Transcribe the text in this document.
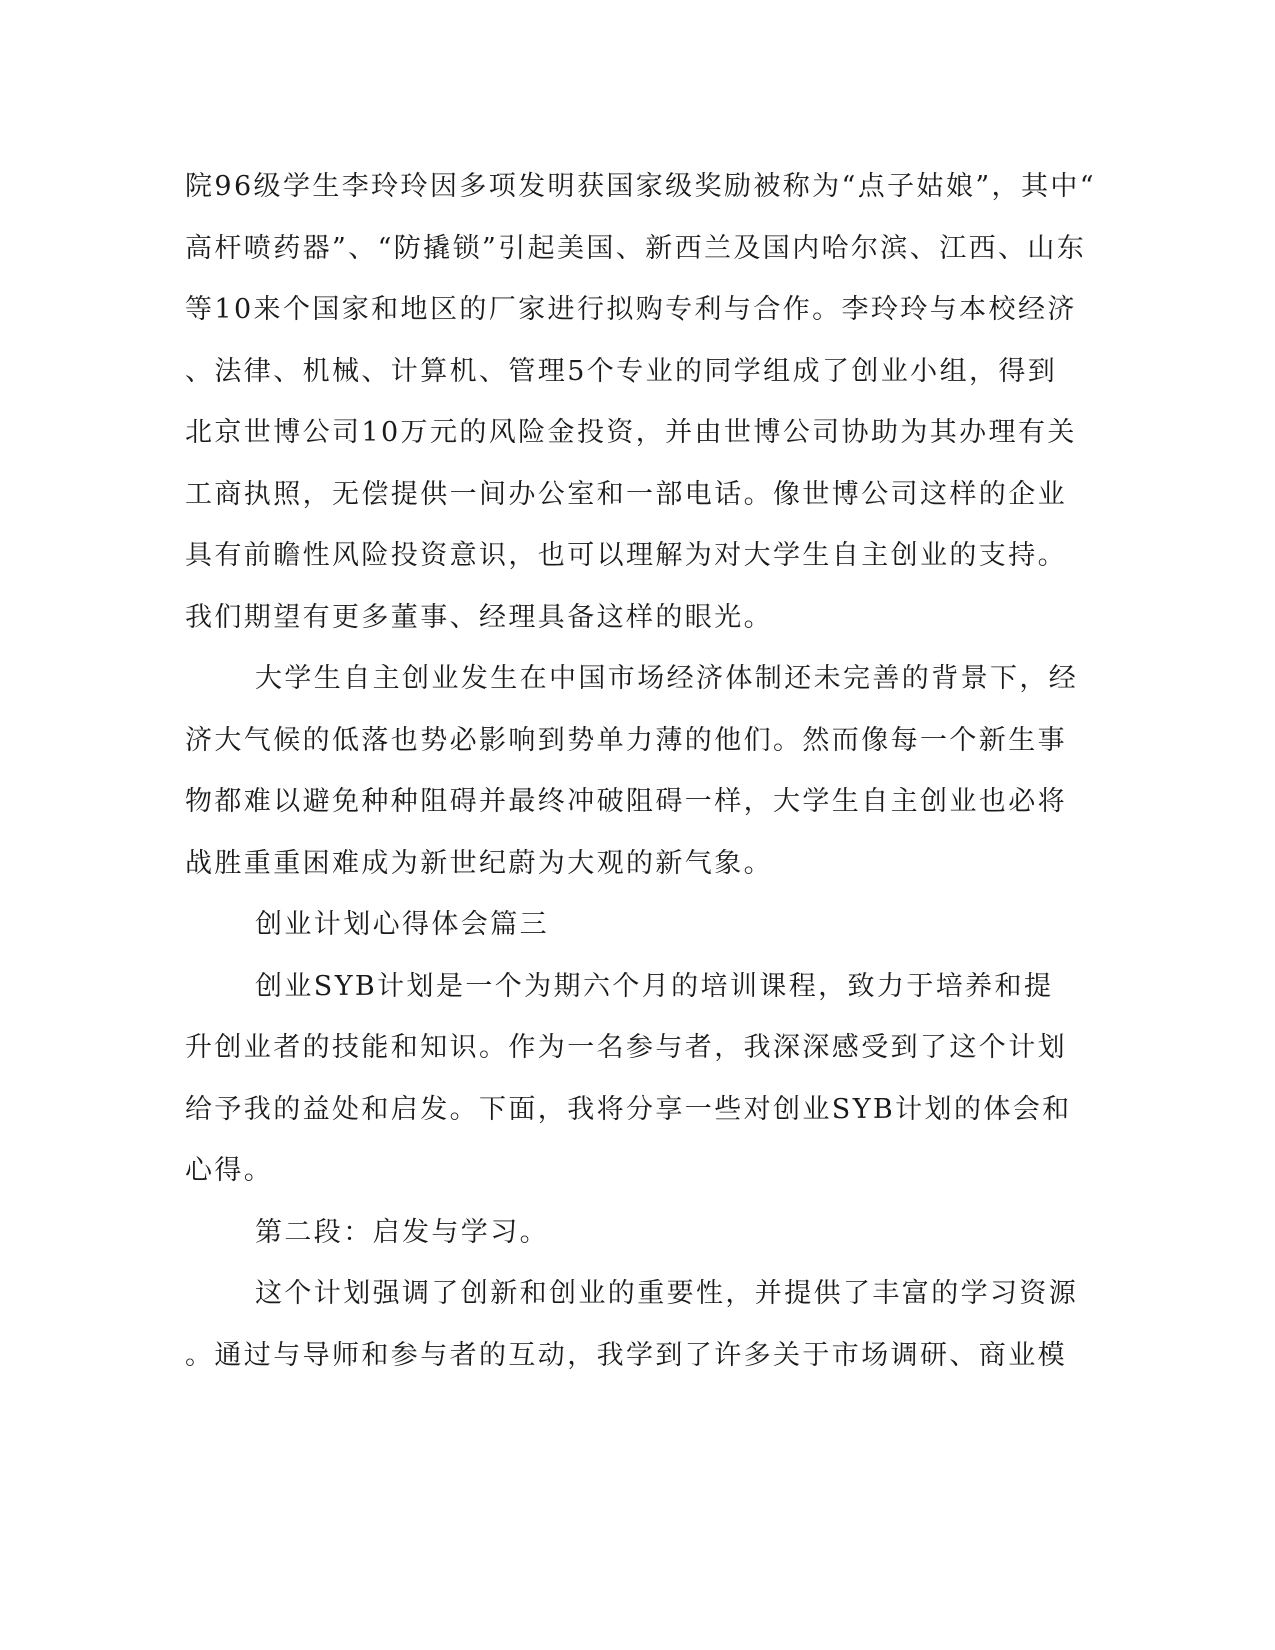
院96级学生李玲玲因多项发明获国家级奖励被称为“点子姑娘”，其中“

高杆喷药器”、“防撬锁”引起美国、新西兰及国内哈尔滨、江西、山东

等10来个国家和地区的厂家进行拟购专利与合作。李玲玲与本校经济

、法律、机械、计算机、管理5个专业的同学组成了创业小组，得到

北京世博公司10万元的风险金投资，并由世博公司协助为其办理有关

工商执照，无偿提供一间办公室和一部电话。像世博公司这样的企业

具有前瞻性风险投资意识，也可以理解为对大学生自主创业的支持。

我们期望有更多董事、经理具备这样的眼光。

大学生自主创业发生在中国市场经济体制还未完善的背景下，经

济大气候的低落也势必影响到势单力薄的他们。然而像每一个新生事

物都难以避免种种阻碍并最终冲破阻碍一样，大学生自主创业也必将

战胜重重困难成为新世纪蔚为大观的新气象。

创业计划心得体会篇三

创业SYB计划是一个为期六个月的培训课程，致力于培养和提

升创业者的技能和知识。作为一名参与者，我深深感受到了这个计划

给予我的益处和启发。下面，我将分享一些对创业SYB计划的体会和

心得。

第二段：启发与学习。

这个计划强调了创新和创业的重要性，并提供了丰富的学习资源

。通过与导师和参与者的互动，我学到了许多关于市场调研、商业模
